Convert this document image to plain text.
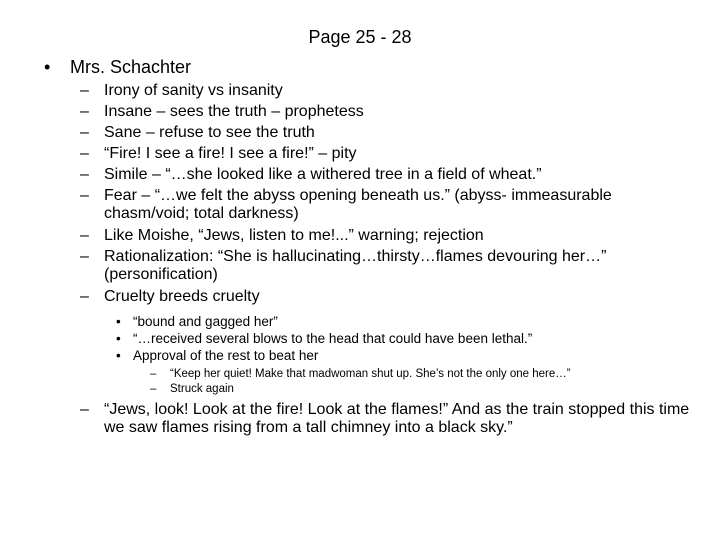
Page 25 - 28
•	Mrs. Schachter
– Irony of sanity vs insanity
– Insane – sees the truth – prophetess
– Sane – refuse to see the truth
– “Fire! I see a fire! I see a fire!” – pity
– Simile – “…she looked like a withered tree in a field of wheat.”
– Fear – “…we felt the abyss opening beneath us.” (abyss- immeasurable chasm/void; total darkness)
– Like Moishe, “Jews, listen to me!...” warning; rejection
– Rationalization: “She is hallucinating…thirsty…flames devouring her…” (personification)
– Cruelty breeds cruelty
• “bound and gagged her”
• “…received several blows to the head that could have been lethal.”
• Approval of the rest to beat her
–	“Keep her quiet! Make that madwoman shut up. She’s not the only one here…”
–	Struck again
– “Jews, look! Look at the fire! Look at the flames!” And as the train stopped this time we saw flames rising from a tall chimney into a black sky.”
